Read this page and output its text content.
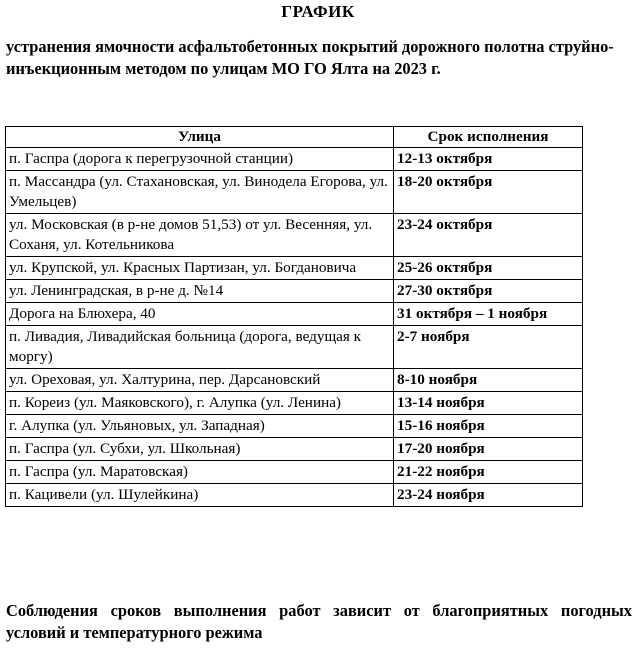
ГРАФИК
устранения ямочности асфальтобетонных покрытий дорожного полотна струйно-инъекционным методом по улицам МО ГО Ялта на 2023 г.
Улица	Срок исполнения
п. Гаспра (дорога к перегрузочной станции)	12-13 октября
п. Массандра (ул. Стахановская, ул. Винодела Егорова, ул. Умельцев)	18-20 октября
ул. Московская (в р-не домов 51,53) от ул. Весенняя, ул. Соханя, ул. Котельникова	23-24 октября
ул. Крупской, ул. Красных Партизан, ул. Богдановича	25-26 октября
ул. Ленинградская, в р-не д. №14	27-30 октября
Дорога на Блюхера, 40	31 октября – 1 ноября
п. Ливадия, Ливадийская больница (дорога, ведущая к моргу)	2-7 ноября
ул. Ореховая, ул. Халтурина, пер. Дарсановский	8-10 ноября
п. Кореиз (ул. Маяковского), г. Алупка (ул. Ленина)	13-14 ноября
г. Алупка (ул. Ульяновых, ул. Западная)	15-16 ноября
п. Гаспра (ул. Субхи, ул. Школьная)	17-20 ноября
п. Гаспра (ул. Маратовская)	21-22 ноября
п. Кацивели (ул. Шулейкина)	23-24 ноября
Соблюдения сроков выполнения работ зависит от благоприятных погодных условий и температурного режима
